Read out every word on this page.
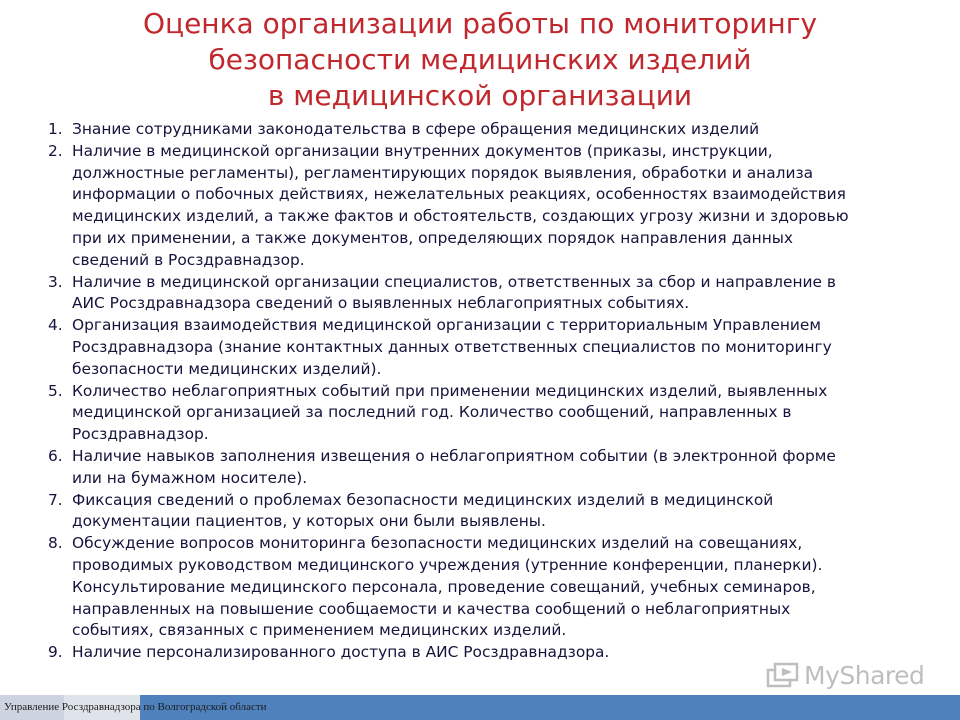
Оценка организации работы по мониторингу
безопасности медицинских изделий
в медицинской организации
1. Знание сотрудниками законодательства в сфере обращения медицинских изделий
2. Наличие в медицинской организации внутренних документов (приказы, инструкции,
должностные регламенты), регламентирующих порядок выявления, обработки и анализа
информации о побочных действиях, нежелательных реакциях, особенностях взаимодействия
медицинских изделий, а также фактов и обстоятельств, создающих угрозу жизни и здоровью
при их применении, а также документов, определяющих порядок направления данных
сведений в Росздравнадзор.
3. Наличие в медицинской организации специалистов, ответственных за сбор и направление в
АИС Росздравнадзора сведений о выявленных неблагоприятных событиях.
4. Организация взаимодействия медицинской организации с территориальным Управлением
Росздравнадзора (знание контактных данных ответственных специалистов по мониторингу
безопасности медицинских изделий).
5. Количество неблагоприятных событий при применении медицинских изделий, выявленных
медицинской организацией за последний год. Количество сообщений, направленных в
Росздравнадзор.
6. Наличие навыков заполнения извещения о неблагоприятном событии (в электронной форме
или на бумажном носителе).
7. Фиксация сведений о проблемах безопасности медицинских изделий в медицинской
документации пациентов, у которых они были выявлены.
8. Обсуждение вопросов мониторинга безопасности медицинских изделий на совещаниях,
проводимых руководством медицинского учреждения (утренние конференции, планерки).
Консультирование медицинского персонала, проведение совещаний, учебных семинаров,
направленных на повышение сообщаемости и качества сообщений о неблагоприятных
событиях, связанных с применением медицинских изделий.
9. Наличие персонализированного доступа в АИС Росздравнадзора.
Управление Росздравнадзора по Волгоградской области
MyShared
